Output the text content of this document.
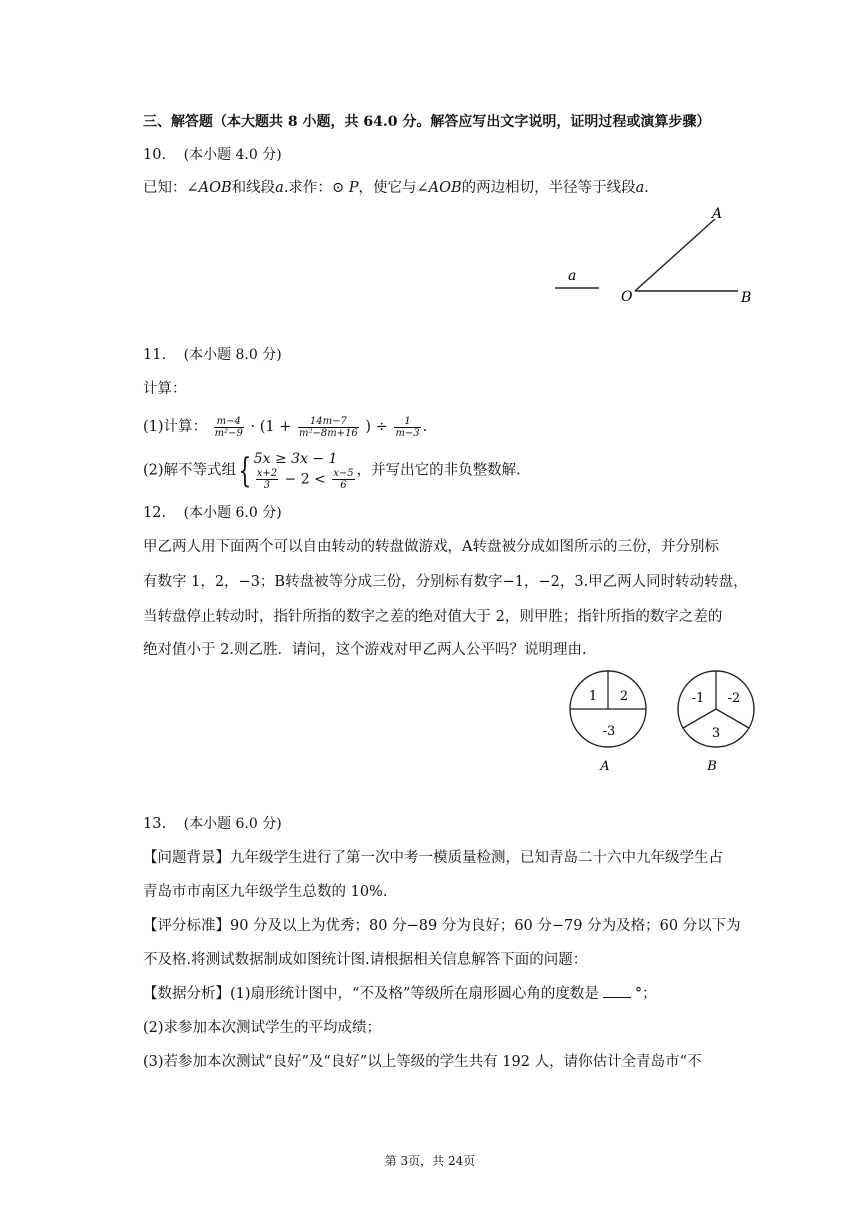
三、解答题（本大题共 8 小题，共 64.0 分。解答应写出文字说明，证明过程或演算步骤）
10. (本小题 4.0 分)
已知：∠AOB和线段a.求作：⊙ P，使它与∠AOB的两边相切，半径等于线段a.
a
O
A
B
11. (本小题 8.0 分)
计算：
(1)计算： $\frac{m-4}{\text{m²−9}} \cdot (1 + \frac{14m-7}{\text{m²−8m+16}}$ ) ÷ $\frac{1}{m-3}$ .
(2)解不等式组{ 5x ≥ 3x − 1
$\frac{x+2}{3} - 2 < \frac{x-5}{6}$ ，并写出它的非负整数解.
12. (本小题 6.0 分)
甲乙两人用下面两个可以自由转动的转盘做游戏，A转盘被分成如图所示的三份，并分别标
有数字 1，2，−3；B转盘被等分成三份，分别标有数字−1，−2，3.甲乙两人同时转动转盘，
当转盘停止转动时，指针所指的数字之差的绝对值大于 2，则甲胜；指针所指的数字之差的
绝对值小于 2.则乙胜．请问，这个游戏对甲乙两人公平吗？说明理由.
1 2
-3
A
-1 -2
3
B
13. (本小题 6.0 分)
【问题背景】九年级学生进行了第一次中考一模质量检测，已知青岛二十六中九年级学生占
青岛市市南区九年级学生总数的 10%.
【评分标准】90 分及以上为优秀；80 分−89 分为良好；60 分−79 分为及格；60 分以下为
不及格.将测试数据制成如图统计图.请根据相关信息解答下面的问题：
【数据分析】(1)扇形统计图中，“不及格”等级所在扇形圆心角的度数是 °；
(2)求参加本次测试学生的平均成绩；
(3)若参加本次测试“良好”及“良好”以上等级的学生共有 192 人，请你估计全青岛市“不
第 3页，共 24页
